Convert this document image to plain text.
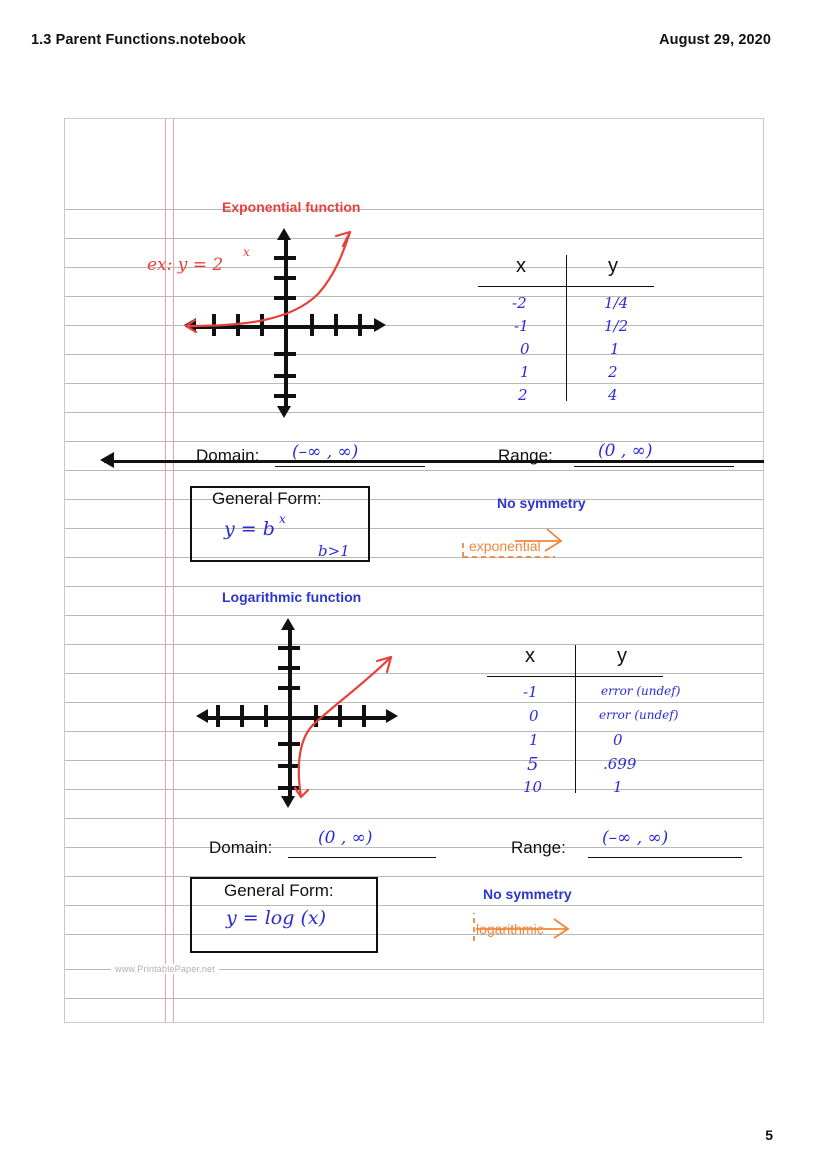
1.3 Parent Functions.notebook	August 29, 2020
www.PrintablePaper.net
Exponential function
ex: y = 2
x
x	y
-2	1/4
-1	1/2
0	1
1	2
2	4
Domain: (–∞ , ∞)	Range:	(0 , ∞)
General Form:
y = b x
b>1
No symmetry
exponential
Logarithmic function
x	y
-1	error (undef)
0	error (undef)
1	0
5	.699
10	1
Domain:	(0 , ∞)	Range: (–∞ , ∞)
General Form:
y = log (x)
No symmetry
logarithmic
5
